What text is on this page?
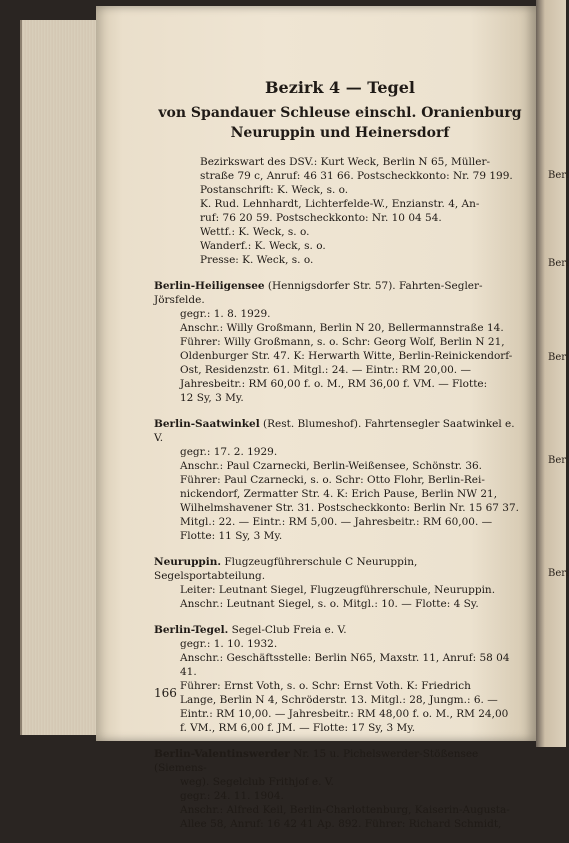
Berl
Berl
Berl
Berl
Berl
Bezirk 4 — Tegel

von Spandauer Schleuse einschl. Oranienburg

Neuruppin und Heinersdorf

Bezirkswart des DSV.: Kurt Weck, Berlin N 65, Müller-

straße 79 c, Anruf: 46 31 66. Postscheckkonto: Nr. 79 199.

Postanschrift: K. Weck, s. o.

K. Rud. Lehnhardt, Lichterfelde-W., Enzianstr. 4, An-

ruf: 76 20 59. Postscheckkonto: Nr. 10 04 54.

Wettf.: K. Weck, s. o.

Wanderf.: K. Weck, s. o.

Presse: K. Weck, s. o.

Berlin-Heiligensee (Hennigsdorfer Str. 57). Fahrten-Segler-Jörsfelde.

gegr.: 1. 8. 1929.

Anschr.: Willy Großmann, Berlin N 20, Bellermannstraße 14.

Führer: Willy Großmann, s. o. Schr: Georg Wolf, Berlin N 21,

Oldenburger Str. 47. K: Herwarth Witte, Berlin-Reinickendorf-

Ost, Residenzstr. 61. Mitgl.: 24. — Eintr.: RM 20,00. —

Jahresbeitr.: RM 60,00 f. o. M., RM 36,00 f. VM. — Flotte:

12 Sy, 3 My.

Berlin-Saatwinkel (Rest. Blumeshof). Fahrtensegler Saatwinkel e. V.

gegr.: 17. 2. 1929.

Anschr.: Paul Czarnecki, Berlin-Weißensee, Schönstr. 36.

Führer: Paul Czarnecki, s. o. Schr: Otto Flohr, Berlin-Rei-

nickendorf, Zermatter Str. 4. K: Erich Pause, Berlin NW 21,

Wilhelmshavener Str. 31. Postscheckkonto: Berlin Nr. 15 67 37.

Mitgl.: 22. — Eintr.: RM 5,00. — Jahresbeitr.: RM 60,00. —

Flotte: 11 Sy, 3 My.

Neuruppin. Flugzeugführerschule C Neuruppin, Segelsportabteilung.

Leiter: Leutnant Siegel, Flugzeugführerschule, Neuruppin.

Anschr.: Leutnant Siegel, s. o. Mitgl.: 10. — Flotte: 4 Sy.

Berlin-Tegel. Segel-Club Freia e. V.

gegr.: 1. 10. 1932.

Anschr.: Geschäftsstelle: Berlin N65, Maxstr. 11, Anruf: 58 04 41.

Führer: Ernst Voth, s. o. Schr: Ernst Voth. K: Friedrich

Lange, Berlin N 4, Schröderstr. 13. Mitgl.: 28, Jungm.: 6. —

Eintr.: RM 10,00. — Jahresbeitr.: RM 48,00 f. o. M., RM 24,00

f. VM., RM 6,00 f. JM. — Flotte: 17 Sy, 3 My.

Berlin-Valentinswerder Nr. 15 u. Pichelswerder-Stößensee (Siemens-

weg). Segelclub Frithjof e. V.

gegr.: 24. 11. 1904.

Anschr.: Alfred Keil, Berlin-Charlottenburg, Kaiserin-Augusta-

Allee 58, Anruf: 16 42 41 Ap. 892. Führer: Richard Schmidt,

166
